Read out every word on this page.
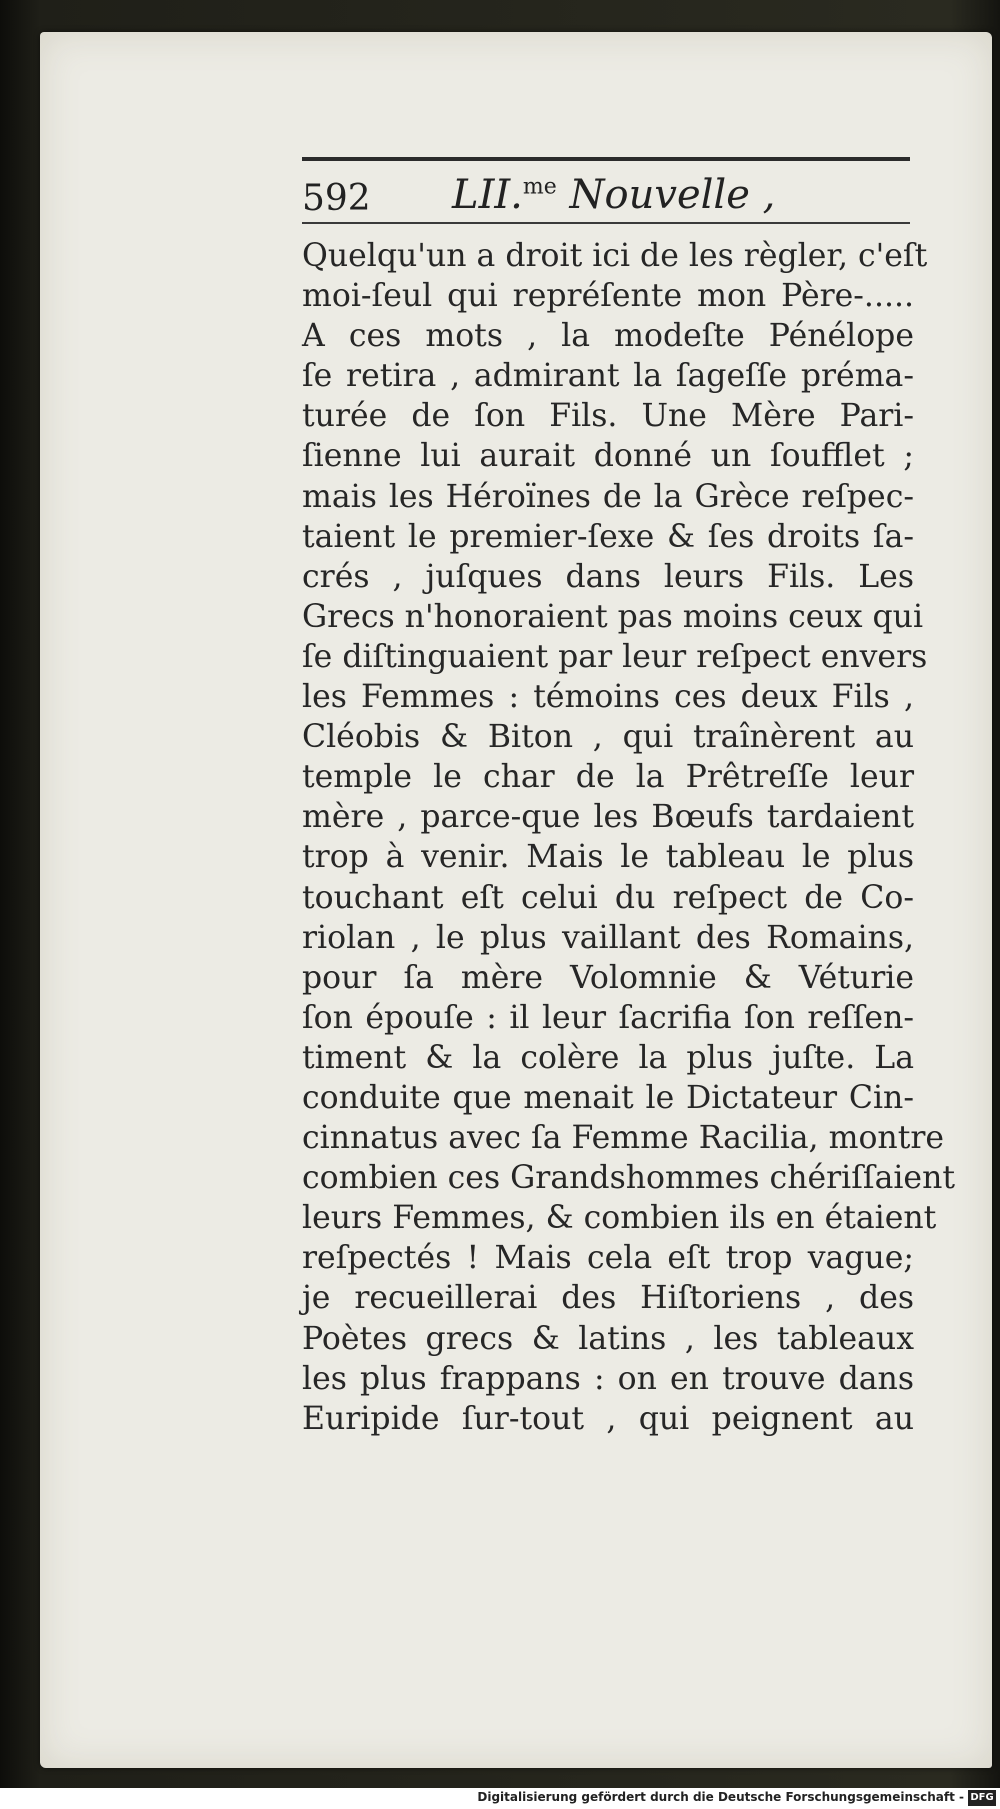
592 LII.$^{me}$ Nouvelle ,
Quelqu'un a droit ici de les règler, c'eſt
moi-ſeul qui repréſente mon Père-.....
A ces mots , la modeſte Pénélope
ſe retira , admirant la ſageſſe préma-
turée de ſon Fils. Une Mère Pari-
ſienne lui aurait donné un ſoufflet ;
mais les Héroïnes de la Grèce reſpec-
taient le premier-ſexe & ſes droits ſa-
crés , juſques dans leurs Fils. Les
Grecs n'honoraient pas moins ceux qui
ſe diſtinguaient par leur reſpect envers
les Femmes : témoins ces deux Fils ,
Cléobis & Biton , qui traînèrent au
temple le char de la Prêtreſſe leur
mère , parce-que les Bœufs tardaient
trop à venir. Mais le tableau le plus
touchant eſt celui du reſpect de Co-
riolan , le plus vaillant des Romains,
pour ſa mère Volomnie & Véturie
ſon épouſe : il leur ſacrifia ſon reſſen-
timent & la colère la plus juſte. La
conduite que menait le Dictateur Cin-
cinnatus avec ſa Femme Racilia, montre
combien ces Grandshommes chériſſaient
leurs Femmes, & combien ils en étaient
reſpectés ! Mais cela eſt trop vague;
je recueillerai des Hiſtoriens , des
Poètes grecs & latins , les tableaux
les plus frappans : on en trouve dans
Euripide ſur-tout , qui peignent au
Digitalisierung gefördert durch die Deutsche Forschungsgemeinschaft - DFG
